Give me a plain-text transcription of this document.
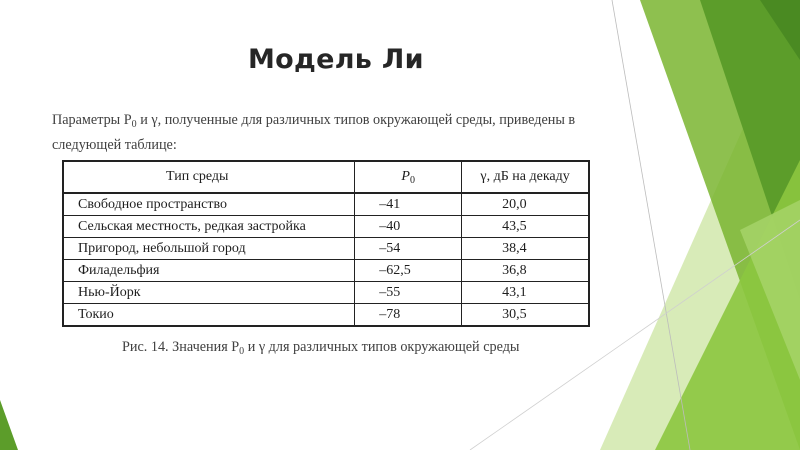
Модель Ли

Параметры $P_0$ и γ, полученные для различных типов окружающей среды, приведены в следующей таблице:

Тип среды	$P_0$	γ, дБ на декаду
Свободное пространство	–41	20,0
Сельская местность, редкая застройка	–40	43,5
Пригород, небольшой город	–54	38,4
Филадельфия	–62,5	36,8
Нью-Йорк	–55	43,1
Токио	–78	30,5

Рис. 14. Значения $P_0$ и γ для различных типов окружающей среды
